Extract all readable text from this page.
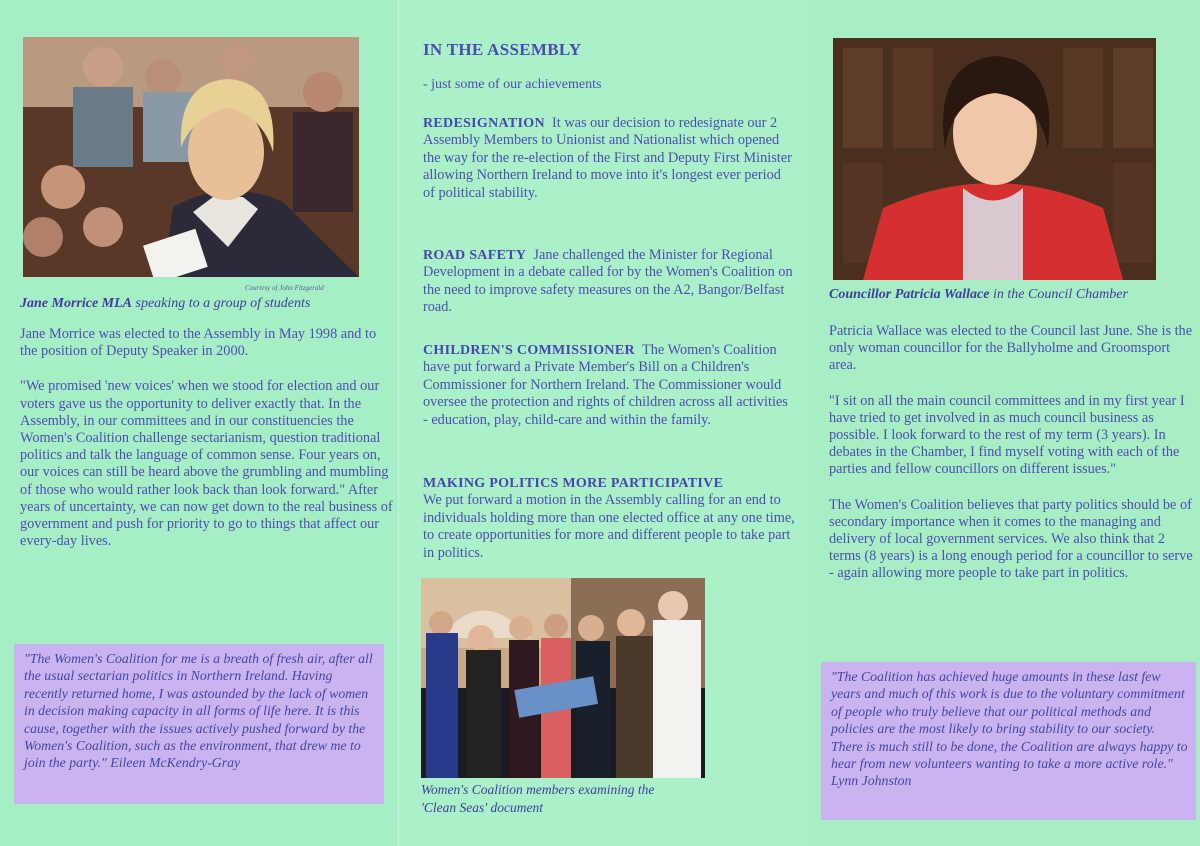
Courtesy of John Fitzgerald
Jane Morrice MLA speaking to a group of students

Jane Morrice was elected to the Assembly in May 1998 and to the position of Deputy Speaker in 2000.

"We promised 'new voices' when we stood for election and our voters gave us the opportunity to deliver exactly that. In the Assembly, in our committees and in our constituencies the Women's Coalition challenge sectarianism, question traditional politics and talk the language of common sense. Four years on, our voices can still be heard above the grumbling and mumbling of those who would rather look back than look forward." After years of uncertainty, we can now get down to the real business of government and push for priority to go to things that affect our every-day lives.

"The Women's Coalition for me is a breath of fresh air, after all the usual sectarian politics in Northern Ireland. Having recently returned home, I was astounded by the lack of women in decision making capacity in all forms of life here. It is this cause, together with the issues actively pushed forward by the Women's Coalition, such as the environment, that drew me to join the party." Eileen McKendry-Gray
IN THE ASSEMBLY
- just some of our achievements
REDESIGNATION It was our decision to redesignate our 2 Assembly Members to Unionist and Nationalist which opened the way for the re-election of the First and Deputy First Minister allowing Northern Ireland to move into it's longest ever period of political stability.
ROAD SAFETY Jane challenged the Minister for Regional Development in a debate called for by the Women's Coalition on the need to improve safety measures on the A2, Bangor/Belfast road.
CHILDREN'S COMMISSIONER The Women's Coalition have put forward a Private Member's Bill on a Children's Commissioner for Northern Ireland. The Commissioner would oversee the protection and rights of children across all activities - education, play, child-care and within the family.
MAKING POLITICS MORE PARTICIPATIVE
We put forward a motion in the Assembly calling for an end to individuals holding more than one elected office at any one time, to create opportunities for more and different people to take part in politics.
Women's Coalition members examining the
'Clean Seas' document
Councillor Patricia Wallace in the Council Chamber

Patricia Wallace was elected to the Council last June. She is the only woman councillor for the Ballyholme and Groomsport area.

"I sit on all the main council committees and in my first year I have tried to get involved in as much council business as possible. I look forward to the rest of my term (3 years). In debates in the Chamber, I find myself voting with each of the parties and fellow councillors on different issues."

The Women's Coalition believes that party politics should be of secondary importance when it comes to the managing and delivery of local government services. We also think that 2 terms (8 years) is a long enough period for a councillor to serve - again allowing more people to take part in politics.

"The Coalition has achieved huge amounts in these last few years and much of this work is due to the voluntary commitment of people who truly believe that our political methods and policies are the most likely to bring stability to our society. There is much still to be done, the Coalition are always happy to hear from new volunteers wanting to take a more active role." Lynn Johnston
